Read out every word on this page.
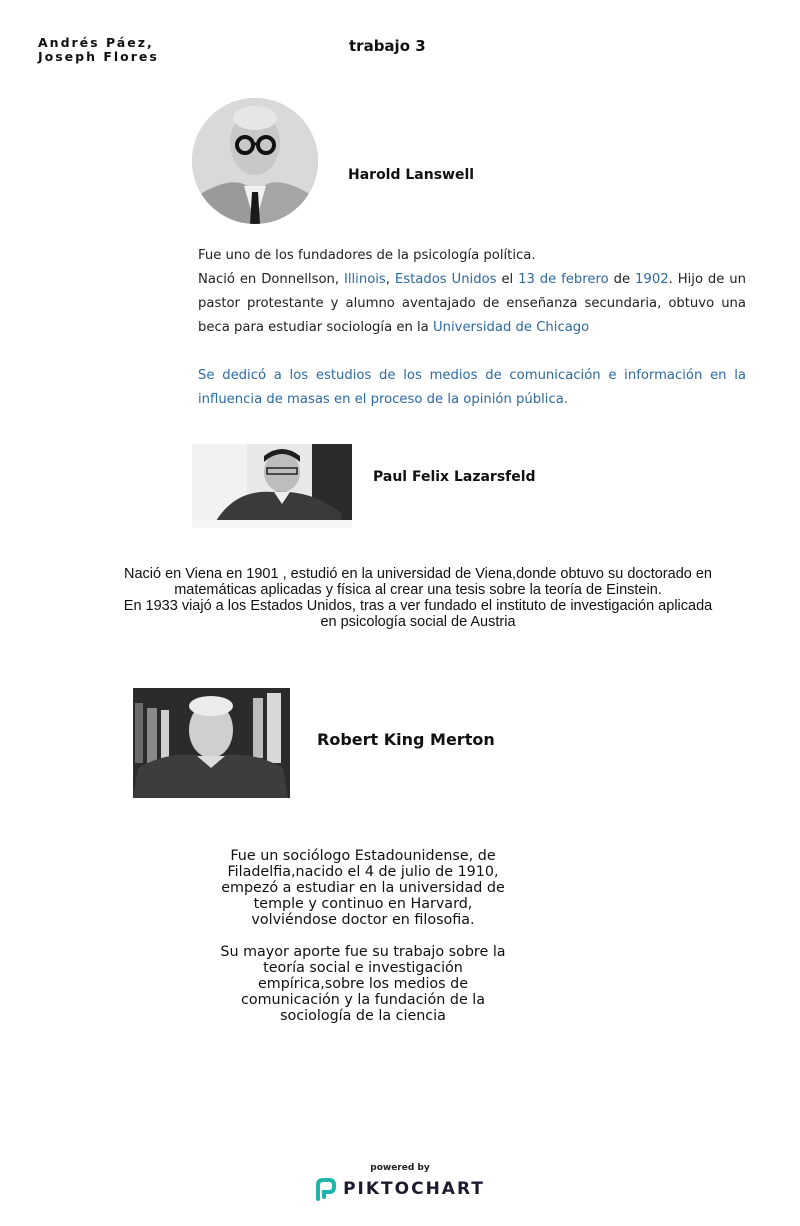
Andrés Páez,
Joseph Flores
trabajo 3
Harold Lanswell
Fue uno de los fundadores de la psicología política.
Nació en Donnellson, Illinois, Estados Unidos el 13 de febrero de 1902. Hijo de un pastor protestante y alumno aventajado de enseñanza secundaria, obtuvo una beca para estudiar sociología en la Universidad de Chicago
Se dedicó a los estudios de los medios de comunicación e información en la influencia de masas en el proceso de la opinión pública.
Paul Felix Lazarsfeld
Nació en Viena en 1901 , estudió en la universidad de Viena,donde obtuvo su doctorado en
matemáticas aplicadas y física al crear una tesis sobre la teoría de Einstein.
En 1933 viajó a los Estados Unidos, tras a ver fundado el instituto de investigación aplicada
en psicología social de Austria
Robert King Merton
Fue un sociólogo Estadounidense, de
Filadelfia,nacido el 4 de julio de 1910,
empezó a estudiar en la universidad de
temple y continuo en Harvard,
volviéndose doctor en filosofia.
Su mayor aporte fue su trabajo sobre la
teoría social e investigación
empírica,sobre los medios de
comunicación y la fundación de la
sociología de la ciencia
powered by
PIKTOCHART
